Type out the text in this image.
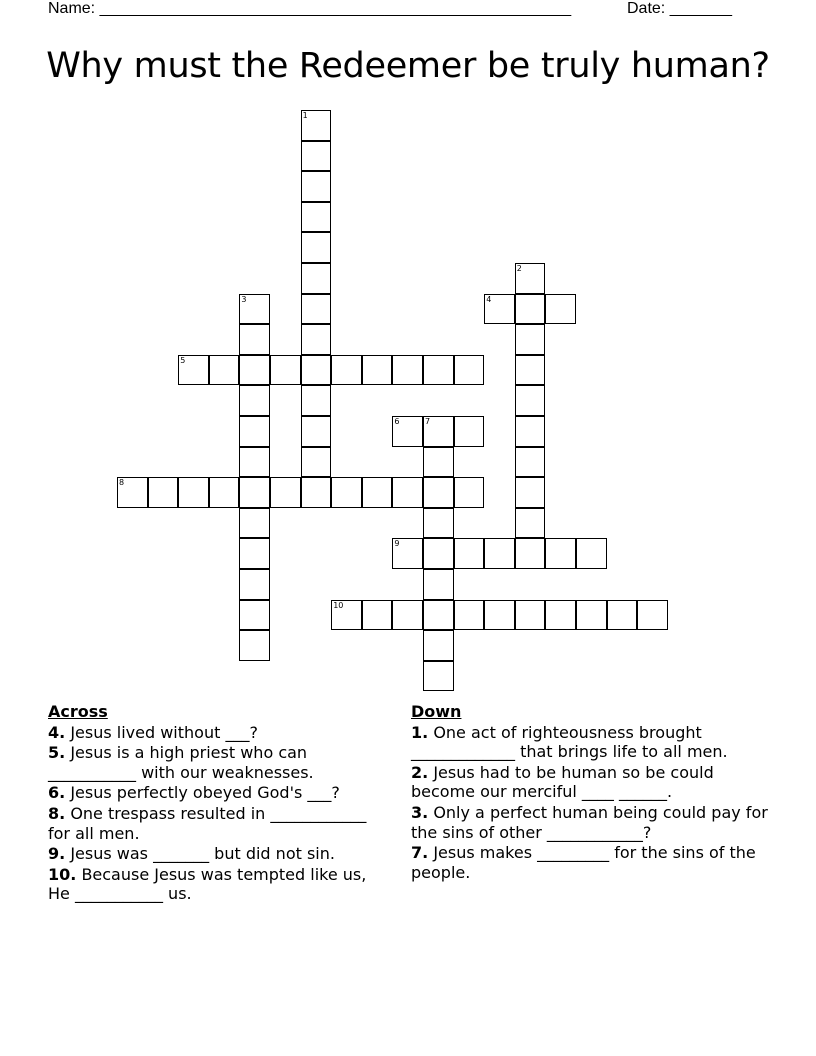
Name: _____________________________________________________	Date: _______
Why must the Redeemer be truly human?
1
2
3	4
5
6	7
8
9
10
Across
4. Jesus lived without ___?
5. Jesus is a high priest who can ___________ with our weaknesses.
6. Jesus perfectly obeyed God's ___?
8. One trespass resulted in ____________ for all men.
9. Jesus was _______ but did not sin.
10. Because Jesus was tempted like us, He ___________ us.
Down
1. One act of righteousness brought _____________ that brings life to all men.
2. Jesus had to be human so be could become our merciful ____ ______.
3. Only a perfect human being could pay for the sins of other ____________?
7. Jesus makes _________ for the sins of the people.
